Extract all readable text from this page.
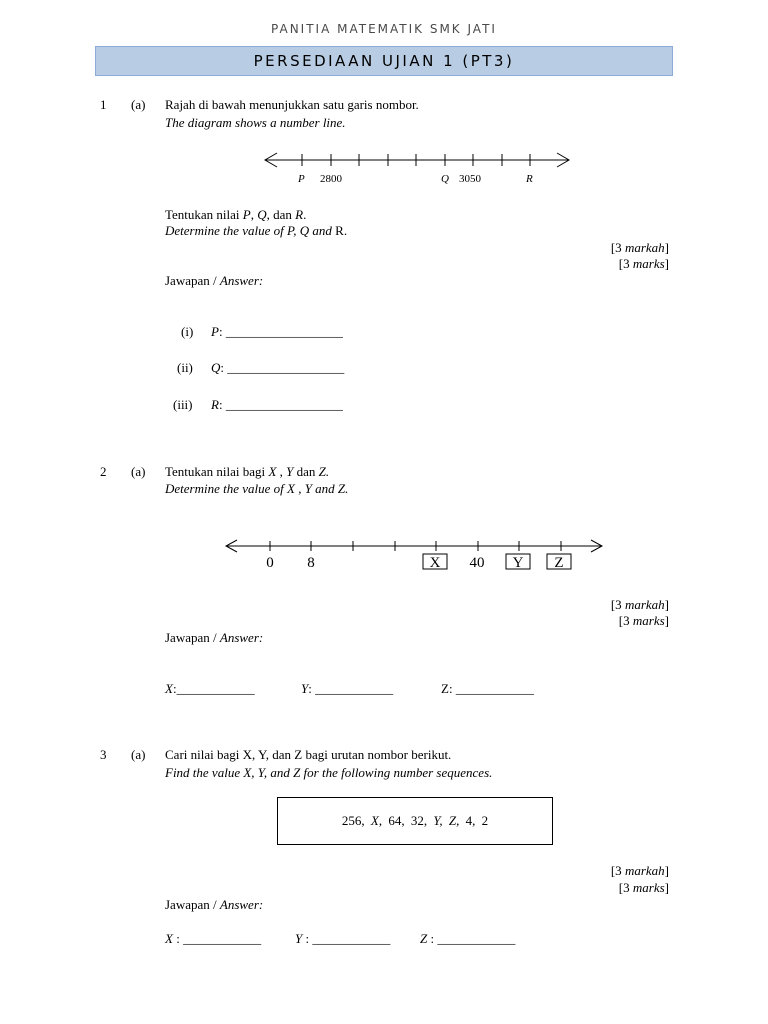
PANITIA MATEMATIK SMK JATI
PERSEDIAAN UJIAN 1 (PT3)
1 (a) Rajah di bawah menunjukkan satu garis nombor.
The diagram shows a number line.
P 2800	Q 3050	R
Tentukan nilai P, Q, dan R.
Determine the value of P, Q and R.
[3 markah]
[3 marks]
Jawapan / Answer:
(i) P: __________________
(ii) Q: __________________
(iii) R: __________________
2 (a) Tentukan nilai bagi X , Y dan Z.
Determine the value of X , Y and Z.
0 8	X 40 Y Z
[3 markah]
[3 marks]
Jawapan / Answer:
X:____________	Y: ____________	Z: ____________
3 (a) Cari nilai bagi X, Y, dan Z bagi urutan nombor berikut.
Find the value X, Y, and Z for the following number sequences.
256,
X,
64,
32,
Y,
Z,
4,
2
[3 markah]
[3 marks]
Jawapan / Answer:
X : ____________	Y : ____________ Z : ____________
